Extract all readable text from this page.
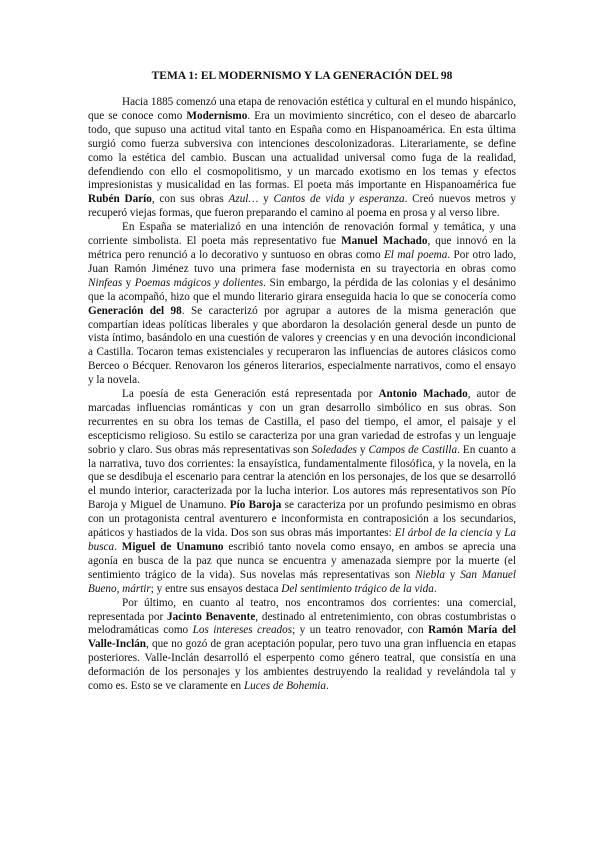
TEMA 1: EL MODERNISMO Y LA GENERACIÓN DEL 98

Hacia 1885 comenzó una etapa de renovación estética y cultural en el mundo hispánico, que se conoce como Modernismo. Era un movimiento sincrético, con el deseo de abarcarlo todo, que supuso una actitud vital tanto en España como en Hispanoamérica. En esta última surgió como fuerza subversiva con intenciones descolonizadoras. Literariamente, se define como la estética del cambio. Buscan una actualidad universal como fuga de la realidad, defendiendo con ello el cosmopolitismo, y un marcado exotismo en los temas y efectos impresionistas y musicalidad en las formas. El poeta más importante en Hispanoamérica fue Rubén Darío, con sus obras Azul… y Cantos de vida y esperanza. Creó nuevos metros y recuperó viejas formas, que fueron preparando el camino al poema en prosa y al verso libre.

En España se materializó en una intención de renovación formal y temática, y una corriente simbolista. El poeta más representativo fue Manuel Machado, que innovó en la métrica pero renunció a lo decorativo y suntuoso en obras como El mal poema. Por otro lado, Juan Ramón Jiménez tuvo una primera fase modernista en su trayectoria en obras como Ninfeas y Poemas mágicos y dolientes. Sin embargo, la pérdida de las colonias y el desánimo que la acompañó, hizo que el mundo literario girara enseguida hacia lo que se conocería como Generación del 98. Se caracterizó por agrupar a autores de la misma generación que compartían ideas políticas liberales y que abordaron la desolación general desde un punto de vista íntimo, basándolo en una cuestión de valores y creencias y en una devoción incondicional a Castilla. Tocaron temas existenciales y recuperaron las influencias de autores clásicos como Berceo o Bécquer. Renovaron los géneros literarios, especialmente narrativos, como el ensayo y la novela.

La poesía de esta Generación está representada por Antonio Machado, autor de marcadas influencias románticas y con un gran desarrollo simbólico en sus obras. Son recurrentes en su obra los temas de Castilla, el paso del tiempo, el amor, el paisaje y el escepticismo religioso. Su estilo se caracteriza por una gran variedad de estrofas y un lenguaje sobrio y claro. Sus obras más representativas son Soledades y Campos de Castilla. En cuanto a la narrativa, tuvo dos corrientes: la ensayística, fundamentalmente filosófica, y la novela, en la que se desdibuja el escenario para centrar la atención en los personajes, de los que se desarrolló el mundo interior, caracterizada por la lucha interior. Los autores más representativos son Pío Baroja y Miguel de Unamuno. Pío Baroja se caracteriza por un profundo pesimismo en obras con un protagonista central aventurero e inconformista en contraposición a los secundarios, apáticos y hastiados de la vida. Dos son sus obras más importantes: El árbol de la ciencia y La busca. Miguel de Unamuno escribió tanto novela como ensayo, en ambos se aprecia una agonía en busca de la paz que nunca se encuentra y amenazada siempre por la muerte (el sentimiento trágico de la vida). Sus novelas más representativas son Niebla y San Manuel Bueno, mártir; y entre sus ensayos destaca Del sentimiento trágico de la vida.

Por último, en cuanto al teatro, nos encontramos dos corrientes: una comercial, representada por Jacinto Benavente, destinado al entretenimiento, con obras costumbristas o melodramáticas como Los intereses creados; y un teatro renovador, con Ramón María del Valle-Inclán, que no gozó de gran aceptación popular, pero tuvo una gran influencia en etapas posteriores. Valle-Inclán desarrolló el esperpento como género teatral, que consistía en una deformación de los personajes y los ambientes destruyendo la realidad y revelándola tal y como es. Esto se ve claramente en Luces de Bohemia.
